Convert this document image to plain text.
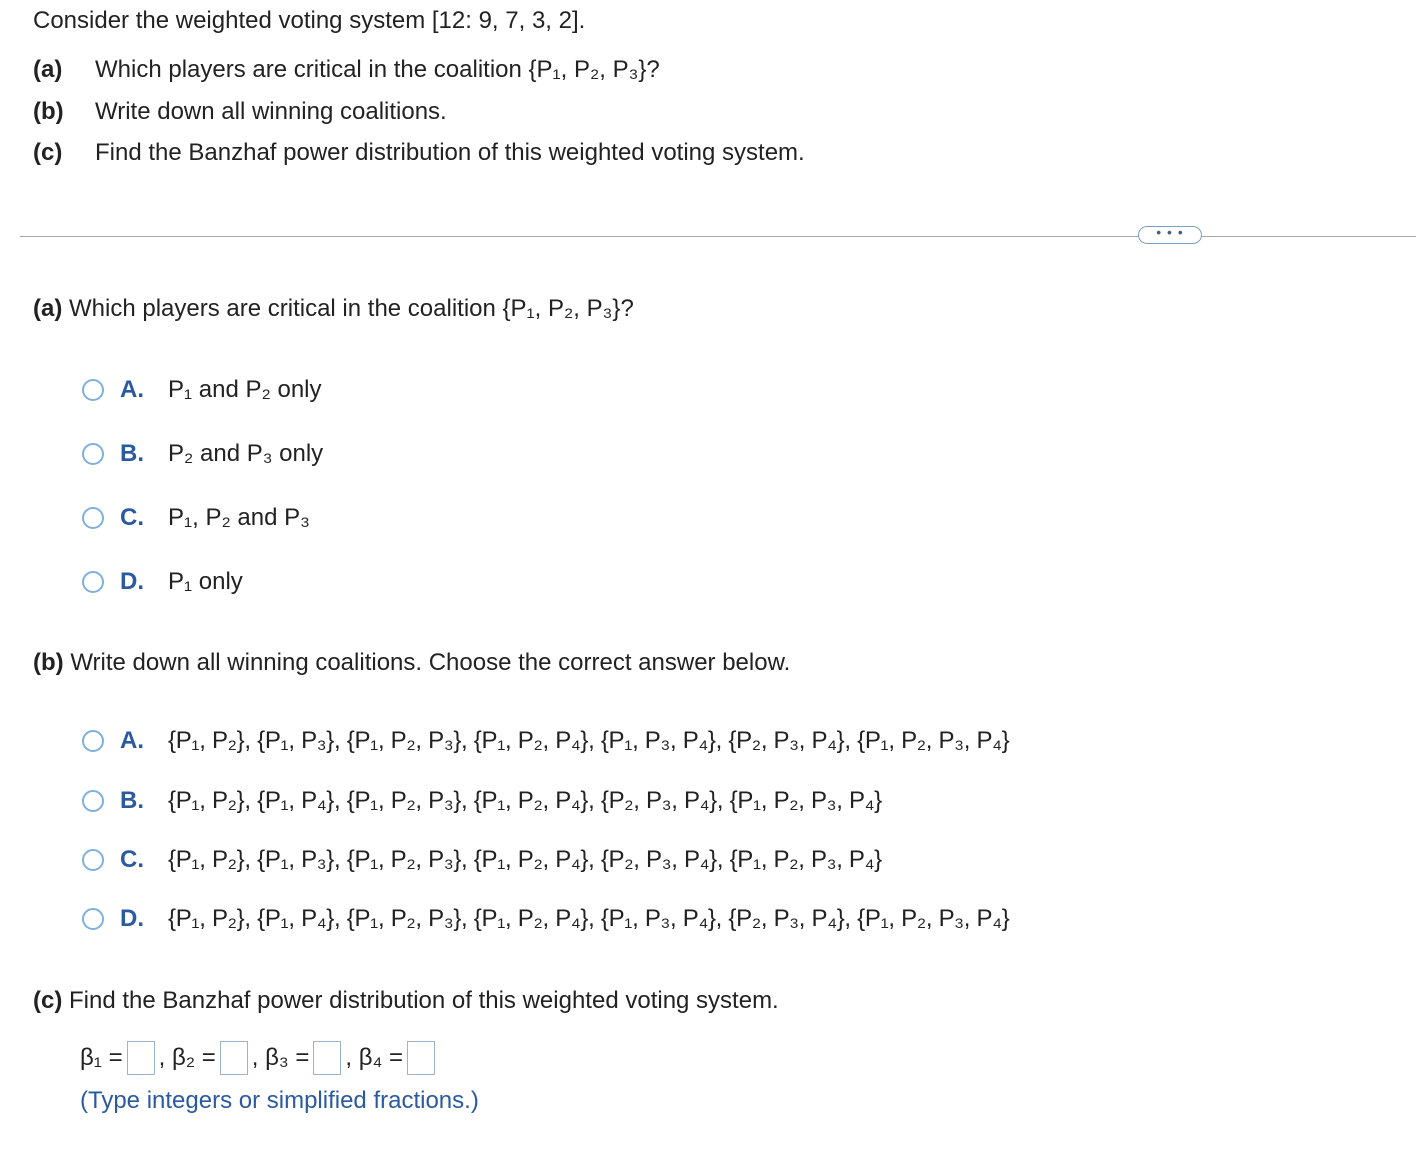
Consider the weighted voting system [12: 9, 7, 3, 2].
(a)	Which players are critical in the coalition {P₁, P₂, P₃}?
(b)	Write down all winning coalitions.
(c)	Find the Banzhaf power distribution of this weighted voting system.
• • •
(a) Which players are critical in the coalition {P₁, P₂, P₃}?
A.	P₁ and P₂ only
B.	P₂ and P₃ only
C.	P₁, P₂ and P₃
D.	P₁ only
(b) Write down all winning coalitions. Choose the correct answer below.
A.	{P₁, P₂}, {P₁, P₃}, {P₁, P₂, P₃}, {P₁, P₂, P₄}, {P₁, P₃, P₄}, {P₂, P₃, P₄}, {P₁, P₂, P₃, P₄}
B.	{P₁, P₂}, {P₁, P₄}, {P₁, P₂, P₃}, {P₁, P₂, P₄}, {P₂, P₃, P₄}, {P₁, P₂, P₃, P₄}
C.	{P₁, P₂}, {P₁, P₃}, {P₁, P₂, P₃}, {P₁, P₂, P₄}, {P₂, P₃, P₄}, {P₁, P₂, P₃, P₄}
D.	{P₁, P₂}, {P₁, P₄}, {P₁, P₂, P₃}, {P₁, P₂, P₄}, {P₁, P₃, P₄}, {P₂, P₃, P₄}, {P₁, P₂, P₃, P₄}
(c) Find the Banzhaf power distribution of this weighted voting system.
β₁ = ,
β₂ = ,
β₃ = ,
β₄ =
(Type integers or simplified fractions.)
